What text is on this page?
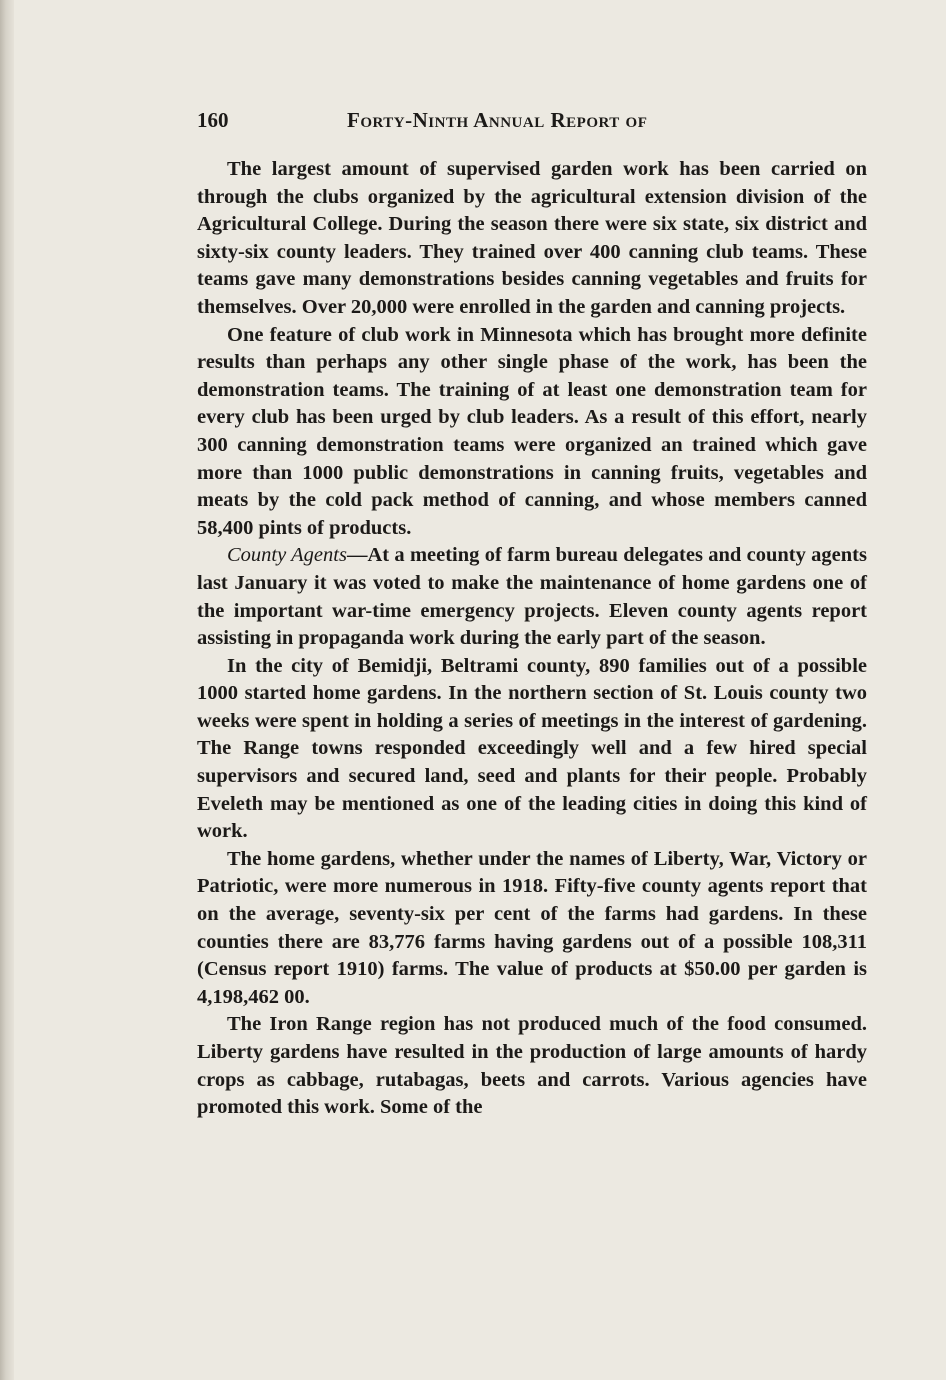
160	Forty-Ninth Annual Report of

The largest amount of supervised garden work has been carried on through the clubs organized by the agricultural extension division of the Agricultural College. During the season there were six state, six district and sixty-six county leaders. They trained over 400 canning club teams. These teams gave many demonstrations besides canning vegetables and fruits for themselves. Over 20,000 were enrolled in the garden and canning projects.

One feature of club work in Minnesota which has brought more definite results than perhaps any other single phase of the work, has been the demonstration teams. The training of at least one demonstration team for every club has been urged by club leaders. As a result of this effort, nearly 300 canning demonstration teams were organized an trained which gave more than 1000 public demonstrations in canning fruits, vegetables and meats by the cold pack method of canning, and whose members canned 58,400 pints of products.

County Agents—At a meeting of farm bureau delegates and county agents last January it was voted to make the maintenance of home gardens one of the important war-time emergency projects. Eleven county agents report assisting in propaganda work during the early part of the season.

In the city of Bemidji, Beltrami county, 890 families out of a possible 1000 started home gardens. In the northern section of St. Louis county two weeks were spent in holding a series of meetings in the interest of gardening. The Range towns responded exceedingly well and a few hired special supervisors and secured land, seed and plants for their people. Probably Eveleth may be mentioned as one of the leading cities in doing this kind of work.

The home gardens, whether under the names of Liberty, War, Victory or Patriotic, were more numerous in 1918. Fifty-five county agents report that on the average, seventy-six per cent of the farms had gardens. In these counties there are 83,776 farms having gardens out of a possible 108,311 (Census report 1910) farms. The value of products at $50.00 per garden is 4,198,462 00.

The Iron Range region has not produced much of the food consumed. Liberty gardens have resulted in the production of large amounts of hardy crops as cabbage, rutabagas, beets and carrots. Various agencies have promoted this work. Some of the
